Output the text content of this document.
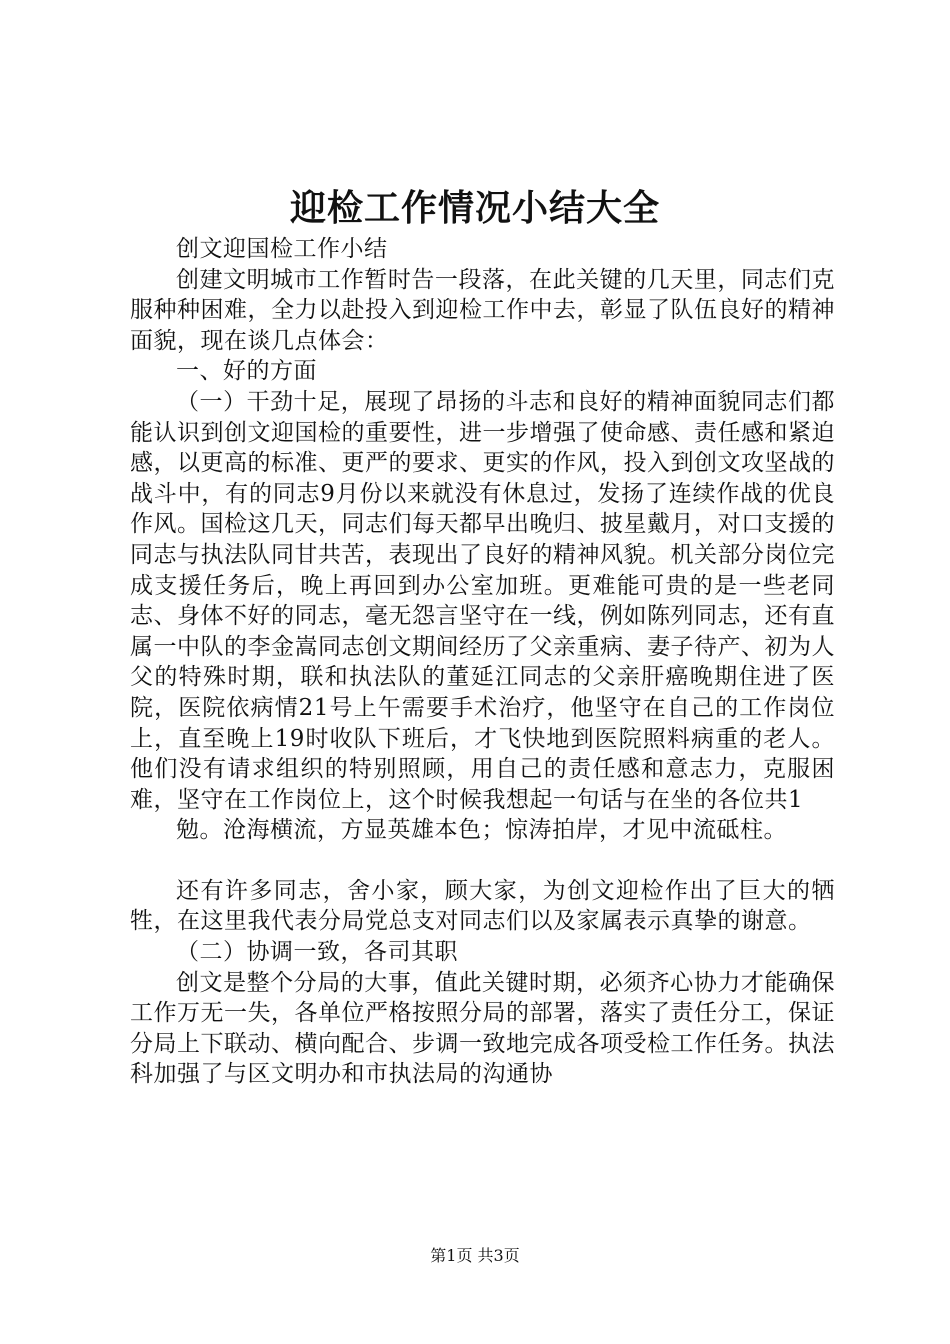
迎检工作情况小结大全

创文迎国检工作小结

创建文明城市工作暂时告一段落，在此关键的几天里，同志们克服种种困难，全力以赴投入到迎检工作中去，彰显了队伍良好的精神面貌，现在谈几点体会：

一、好的方面

（一）干劲十足，展现了昂扬的斗志和良好的精神面貌同志们都能认识到创文迎国检的重要性，进一步增强了使命感、责任感和紧迫感，以更高的标准、更严的要求、更实的作风，投入到创文攻坚战的战斗中，有的同志9月份以来就没有休息过，发扬了连续作战的优良作风。国检这几天，同志们每天都早出晚归、披星戴月，对口支援的同志与执法队同甘共苦，表现出了良好的精神风貌。机关部分岗位完成支援任务后，晚上再回到办公室加班。更难能可贵的是一些老同志、身体不好的同志，毫无怨言坚守在一线，例如陈列同志，还有直属一中队的李金嵩同志创文期间经历了父亲重病、妻子待产、初为人父的特殊时期，联和执法队的董延江同志的父亲肝癌晚期住进了医院，医院依病情21号上午需要手术治疗，他坚守在自己的工作岗位上，直至晚上19时收队下班后，才飞快地到医院照料病重的老人。他们没有请求组织的特别照顾，用自己的责任感和意志力，克服困难，坚守在工作岗位上，这个时候我想起一句话与在坐的各位共1

勉。沧海横流，方显英雄本色；惊涛拍岸，才见中流砥柱。

还有许多同志，舍小家，顾大家，为创文迎检作出了巨大的牺牲，在这里我代表分局党总支对同志们以及家属表示真挚的谢意。

（二）协调一致，各司其职

创文是整个分局的大事，值此关键时期，必须齐心协力才能确保工作万无一失，各单位严格按照分局的部署，落实了责任分工，保证分局上下联动、横向配合、步调一致地完成各项受检工作任务。执法科加强了与区文明办和市执法局的沟通协

第1页 共3页
